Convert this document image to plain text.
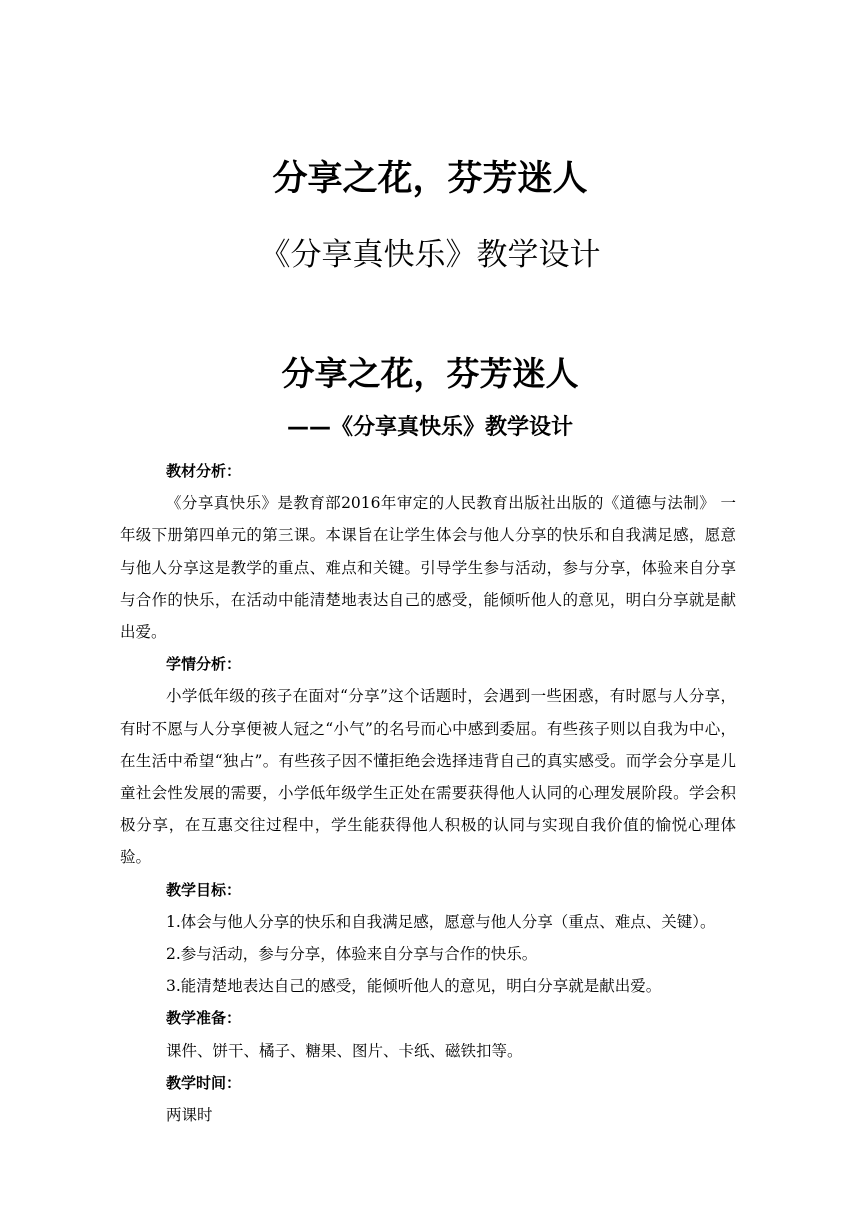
分享之花，芬芳迷人
《分享真快乐》教学设计
分享之花，芬芳迷人
——《分享真快乐》教学设计

教材分析：

《分享真快乐》是教育部2016年审定的人民教育出版社出版的《道德与法制》 一年级下册第四单元的第三课。本课旨在让学生体会与他人分享的快乐和自我满足感，愿意与他人分享这是教学的重点、难点和关键。引导学生参与活动，参与分享，体验来自分享与合作的快乐，在活动中能清楚地表达自己的感受，能倾听他人的意见，明白分享就是献出爱。

学情分析：

小学低年级的孩子在面对“分享”这个话题时，会遇到一些困惑，有时愿与人分享，有时不愿与人分享便被人冠之“小气”的名号而心中感到委屈。有些孩子则以自我为中心，在生活中希望“独占”。有些孩子因不懂拒绝会选择违背自己的真实感受。而学会分享是儿童社会性发展的需要，小学低年级学生正处在需要获得他人认同的心理发展阶段。学会积极分享，在互惠交往过程中，学生能获得他人积极的认同与实现自我价值的愉悦心理体验。

教学目标：

1.体会与他人分享的快乐和自我满足感，愿意与他人分享（重点、难点、关键）。

2.参与活动，参与分享，体验来自分享与合作的快乐。

3.能清楚地表达自己的感受，能倾听他人的意见，明白分享就是献出爱。

教学准备：

课件、饼干、橘子、糖果、图片、卡纸、磁铁扣等。

教学时间：

两课时
